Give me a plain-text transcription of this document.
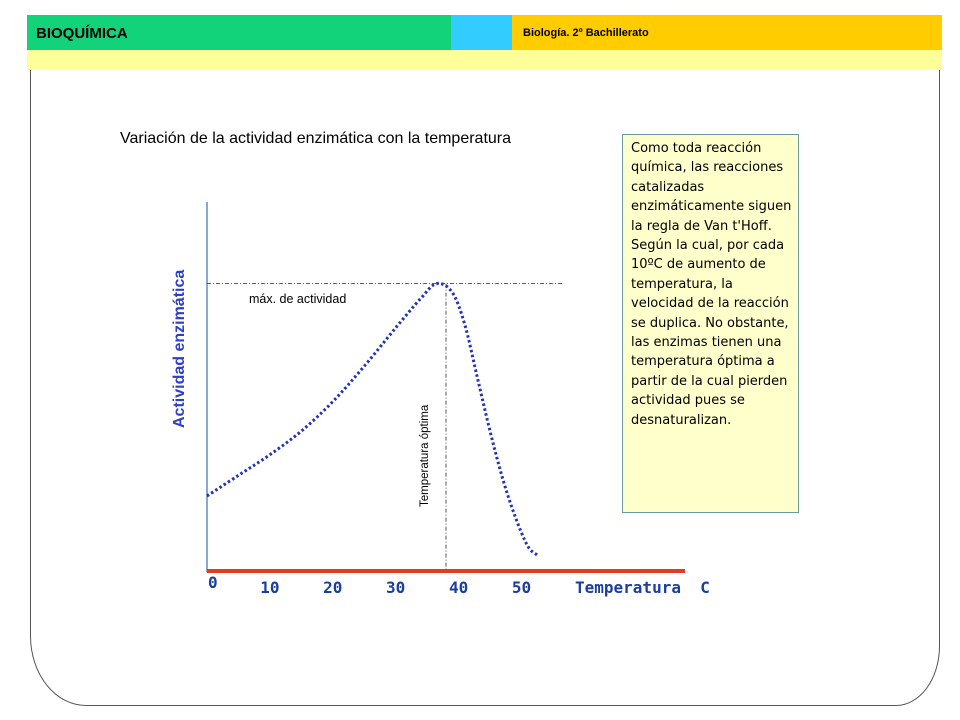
BIOQUÍMICA	Biología. 2º Bachillerato
Variación de la actividad enzimática con la temperatura
máx. de actividad
Temperatura óptima
Actividad enzimática
0	10	20	30	40	50	Temperatura  C
Como toda reacción química, las reacciones catalizadas enzimáticamente siguen la regla de Van t'Hoff. Según la cual, por cada 10ºC de aumento de temperatura, la velocidad de la reacción se duplica. No obstante, las enzimas tienen una temperatura óptima a partir de la cual pierden actividad pues se desnaturalizan.
